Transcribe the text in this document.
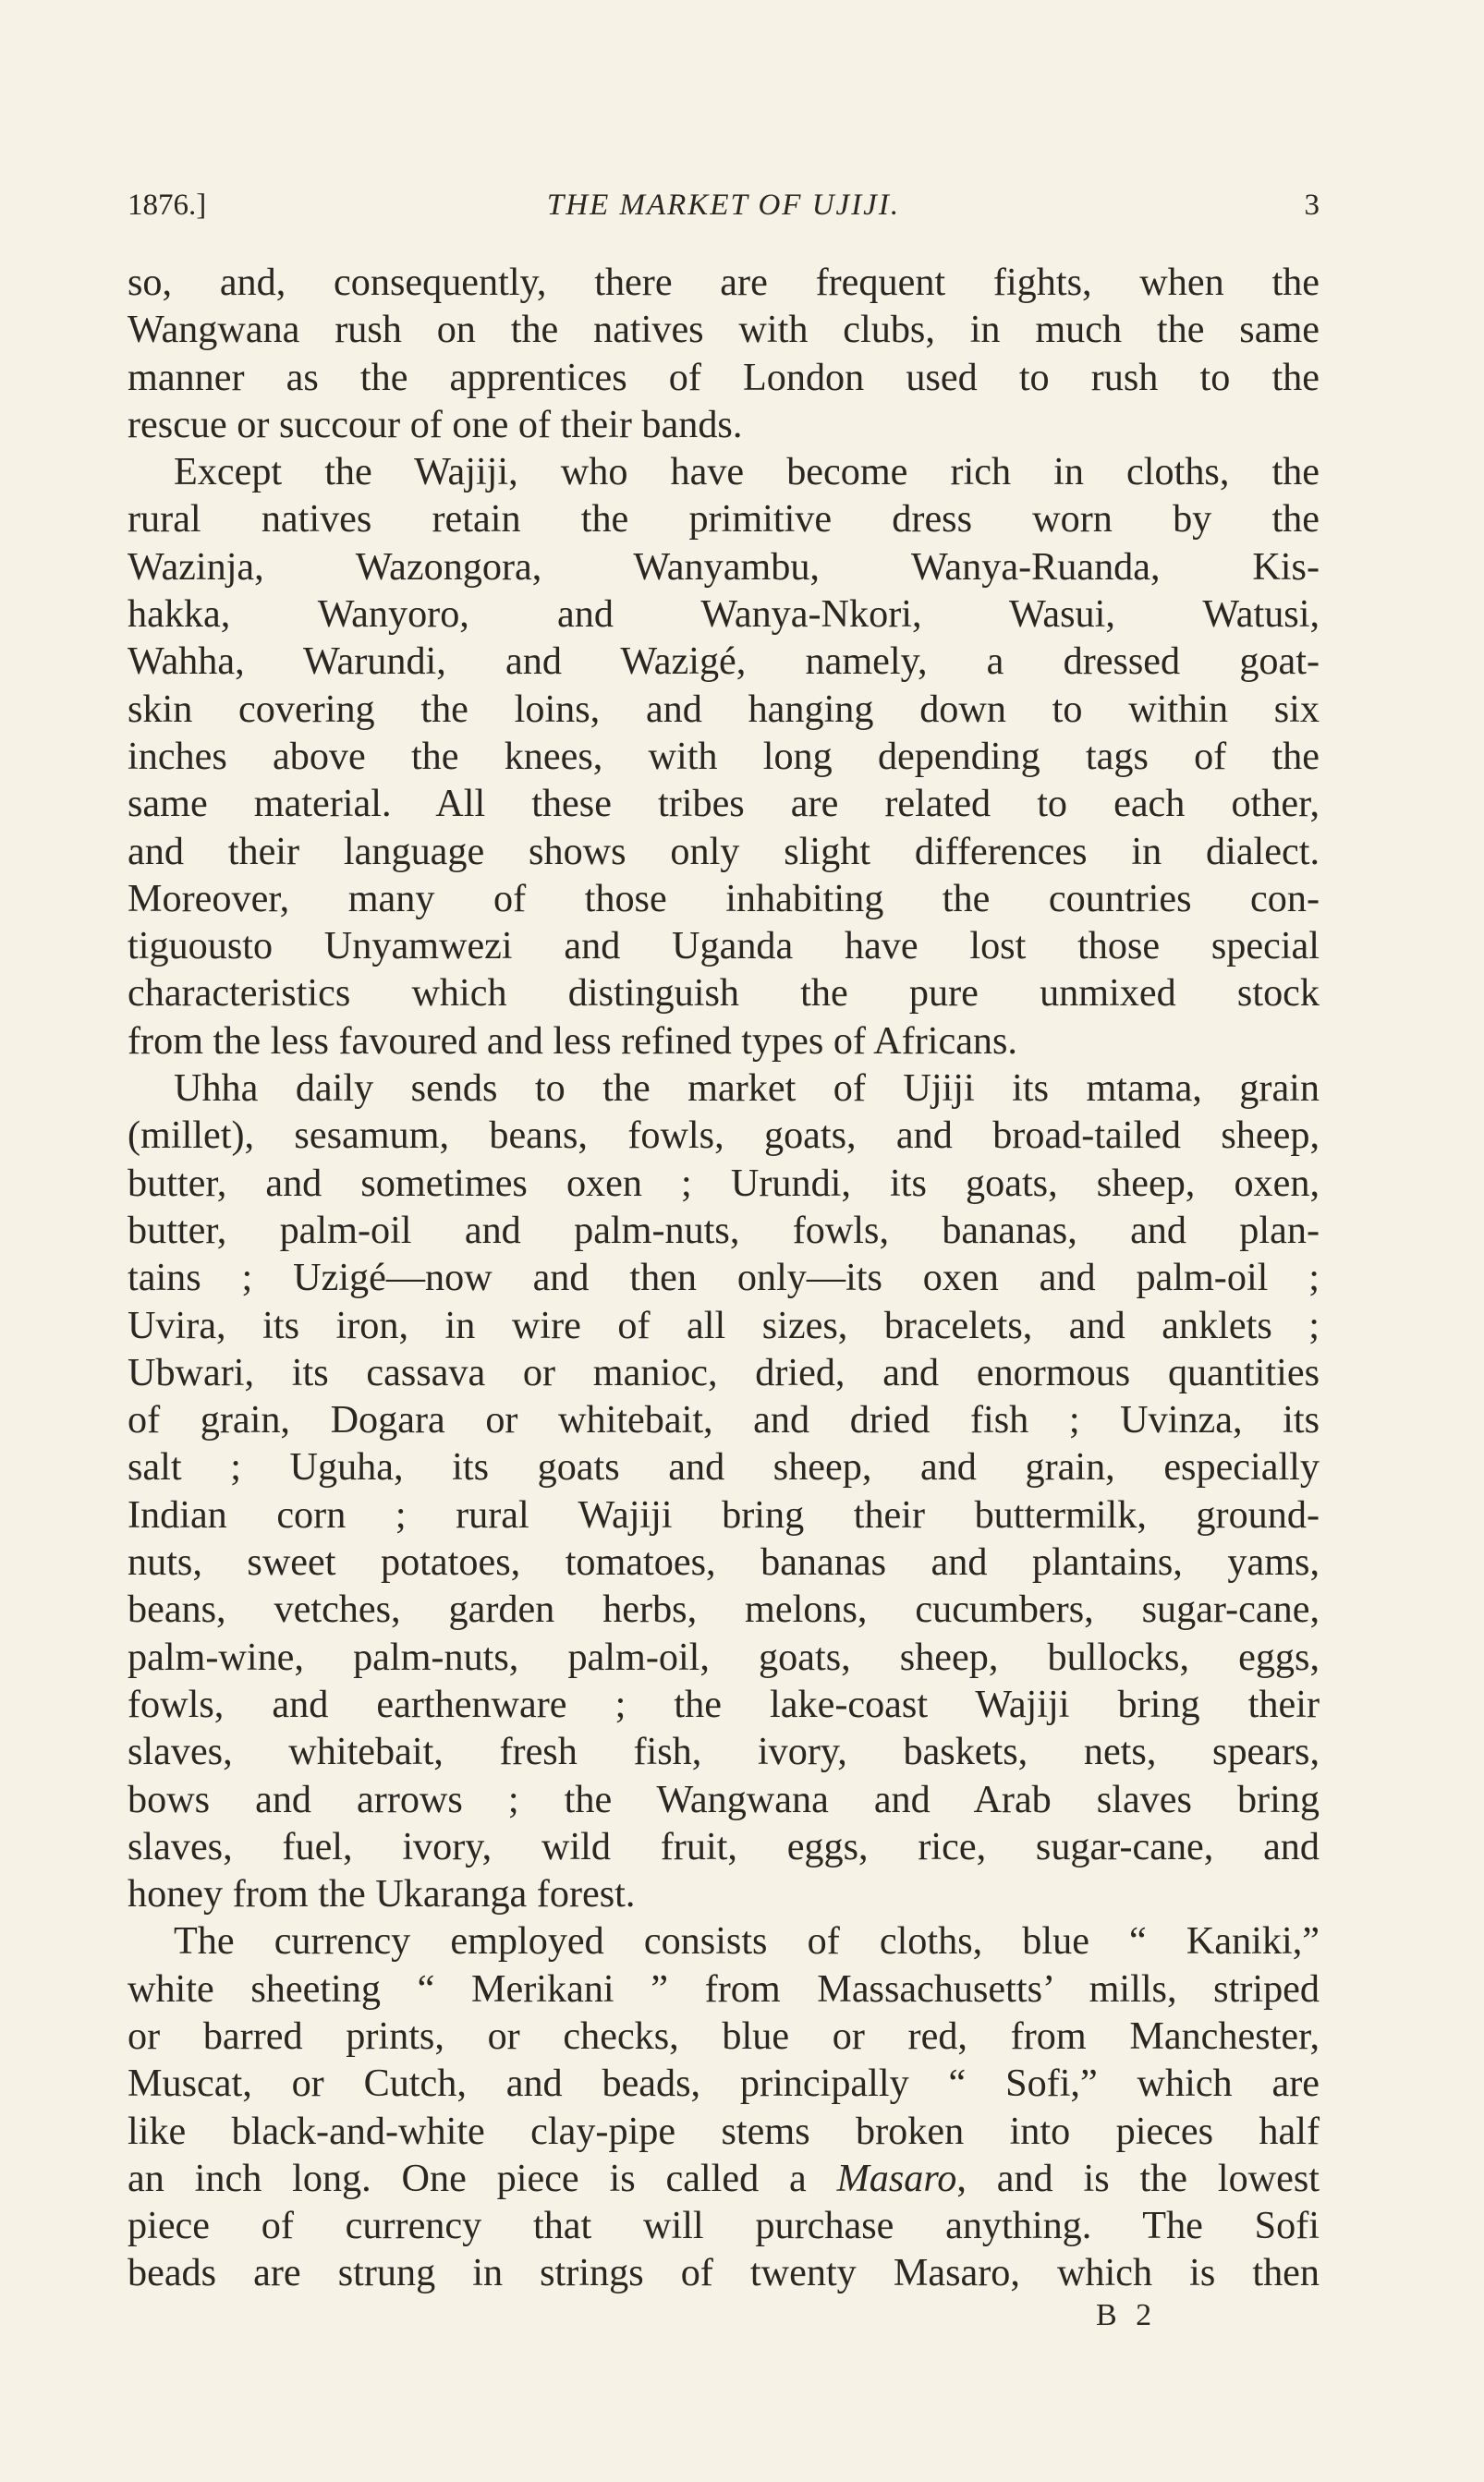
1876.]	THE MARKET OF UJIJI.	3
so, and, consequently, there are frequent fights, when the
Wangwana rush on the natives with clubs, in much the same
manner as the apprentices of London used to rush to the
rescue or succour of one of their bands.
Except the Wajiji, who have become rich in cloths, the
rural natives retain the primitive dress worn by the
Wazinja, Wazongora, Wanyambu, Wanya-Ruanda, Kis-
hakka, Wanyoro, and Wanya-Nkori, Wasui, Watusi,
Wahha, Warundi, and Wazigé, namely, a dressed goat-
skin covering the loins, and hanging down to within six
inches above the knees, with long depending tags of the
same material. All these tribes are related to each other,
and their language shows only slight differences in dialect.
Moreover, many of those inhabiting the countries con-
tiguousto Unyamwezi and Uganda have lost those special
characteristics which distinguish the pure unmixed stock
from the less favoured and less refined types of Africans.
Uhha daily sends to the market of Ujiji its mtama, grain
(millet), sesamum, beans, fowls, goats, and broad-tailed sheep,
butter, and sometimes oxen ; Urundi, its goats, sheep, oxen,
butter, palm-oil and palm-nuts, fowls, bananas, and plan-
tains ; Uzigé—now and then only—its oxen and palm-oil ;
Uvira, its iron, in wire of all sizes, bracelets, and anklets ;
Ubwari, its cassava or manioc, dried, and enormous quantities
of grain, Dogara or whitebait, and dried fish ; Uvinza, its
salt ; Uguha, its goats and sheep, and grain, especially
Indian corn ; rural Wajiji bring their buttermilk, ground-
nuts, sweet potatoes, tomatoes, bananas and plantains, yams,
beans, vetches, garden herbs, melons, cucumbers, sugar-cane,
palm-wine, palm-nuts, palm-oil, goats, sheep, bullocks, eggs,
fowls, and earthenware ; the lake-coast Wajiji bring their
slaves, whitebait, fresh fish, ivory, baskets, nets, spears,
bows and arrows ; the Wangwana and Arab slaves bring
slaves, fuel, ivory, wild fruit, eggs, rice, sugar-cane, and
honey from the Ukaranga forest.
The currency employed consists of cloths, blue “ Kaniki,”
white sheeting “ Merikani ” from Massachusetts’ mills, striped
or barred prints, or checks, blue or red, from Manchester,
Muscat, or Cutch, and beads, principally “ Sofi,” which are
like black-and-white clay-pipe stems broken into pieces half
an inch long. One piece is called a Masaro, and is the lowest
piece of currency that will purchase anything. The Sofi
beads are strung in strings of twenty Masaro, which is then
B 2
